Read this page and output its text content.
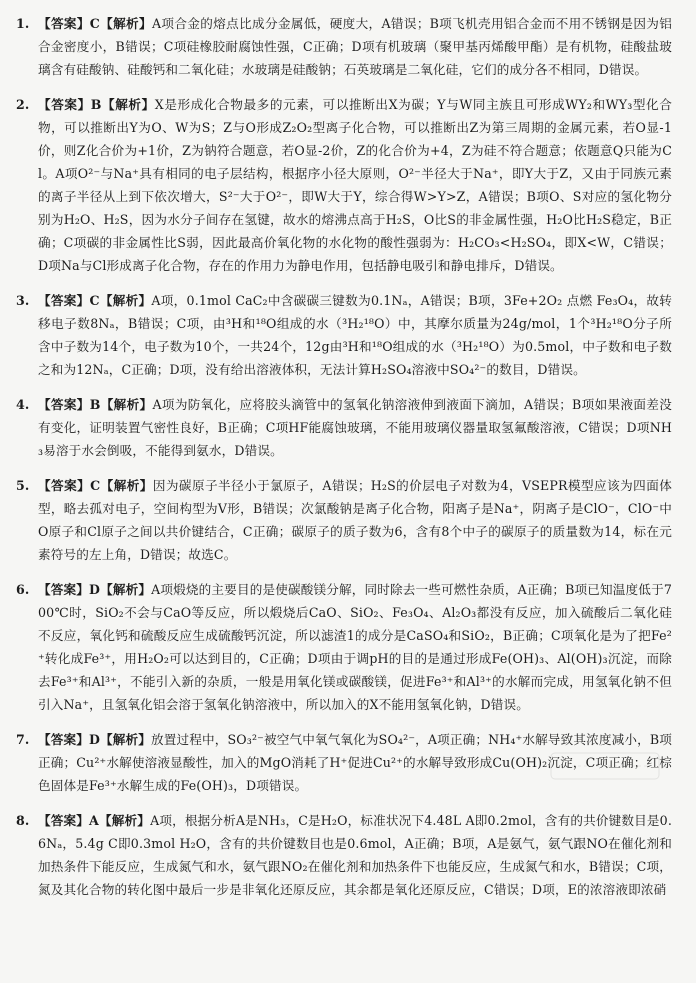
1. 【答案】C【解析】A项合金的熔点比成分金属低，硬度大，A错误；B项飞机壳用铝合金而不用不锈钢是因为铝合金密度小，B错误；C项硅橡胶耐腐蚀性强，C正确；D项有机玻璃（聚甲基丙烯酸甲酯）是有机物，硅酸盐玻璃含有硅酸钠、硅酸钙和二氧化硅；水玻璃是硅酸钠；石英玻璃是二氧化硅，它们的成分各不相同，D错误。
2. 【答案】B【解析】X是形成化合物最多的元素，可以推断出X为碳；Y与W同主族且可形成WY₂和WY₃型化合物，可以推断出Y为O、W为S；Z与O形成Z₂O₂型离子化合物，可以推断出Z为第三周期的金属元素，若O显-1价，则Z化合价为+1价，Z为钠符合题意，若O显-2价，Z的化合价为+4，Z为硅不符合题意；依题意Q只能为Cl。A项O²⁻与Na⁺具有相同的电子层结构，根据序小径大原则，O²⁻半径大于Na⁺，即Y大于Z，又由于同族元素的离子半径从上到下依次增大，S²⁻大于O²⁻，即W大于Y，综合得W>Y>Z，A错误；B项O、S对应的氢化物分别为H₂O、H₂S，因为水分子间存在氢键，故水的熔沸点高于H₂S，O比S的非金属性强，H₂O比H₂S稳定，B正确；C项碳的非金属性比S弱，因此最高价氧化物的水化物的酸性强弱为：H₂CO₃<H₂SO₄，即X<W，C错误；D项Na与Cl形成离子化合物，存在的作用力为静电作用，包括静电吸引和静电排斥，D错误。
3. 【答案】C【解析】A项，0.1mol CaC₂中含碳碳三键数为0.1Nₐ，A错误；B项，3Fe+2O₂ 点燃 Fe₃O₄，故转移电子数8Nₐ，B错误；C项，由³H和¹⁸O组成的水（³H₂¹⁸O）中，其摩尔质量为24g/mol，1个³H₂¹⁸O分子所含中子数为14个，电子数为10个，一共24个，12g由³H和¹⁸O组成的水（³H₂¹⁸O）为0.5mol，中子数和电子数之和为12Nₐ，C正确；D项，没有给出溶液体积，无法计算H₂SO₄溶液中SO₄²⁻的数目，D错误。
4. 【答案】B【解析】A项为防氧化，应将胶头滴管中的氢氧化钠溶液伸到液面下滴加，A错误；B项如果液面差没有变化，证明装置气密性良好，B正确；C项HF能腐蚀玻璃，不能用玻璃仪器量取氢氟酸溶液，C错误；D项NH₃易溶于水会倒吸，不能得到氨水，D错误。
5. 【答案】C【解析】因为碳原子半径小于氯原子，A错误；H₂S的价层电子对数为4，VSEPR模型应该为四面体型，略去孤对电子，空间构型为V形，B错误；次氯酸钠是离子化合物，阳离子是Na⁺，阴离子是ClO⁻，ClO⁻中O原子和Cl原子之间以共价键结合，C正确；碳原子的质子数为6，含有8个中子的碳原子的质量数为14，标在元素符号的左上角，D错误；故选C。
6. 【答案】D【解析】A项煅烧的主要目的是使碳酸镁分解，同时除去一些可燃性杂质，A正确；B项已知温度低于700℃时，SiO₂不会与CaO等反应，所以煅烧后CaO、SiO₂、Fe₃O₄、Al₂O₃都没有反应，加入硫酸后二氧化硅不反应，氧化钙和硫酸反应生成硫酸钙沉淀，所以滤渣1的成分是CaSO₄和SiO₂，B正确；C项氧化是为了把Fe²⁺转化成Fe³⁺，用H₂O₂可以达到目的，C正确；D项由于调pH的目的是通过形成Fe(OH)₃、Al(OH)₃沉淀，而除去Fe³⁺和Al³⁺，不能引入新的杂质，一般是用氧化镁或碳酸镁，促进Fe³⁺和Al³⁺的水解而完成，用氢氧化钠不但引入Na⁺，且氢氧化铝会溶于氢氧化钠溶液中，所以加入的X不能用氢氧化钠，D错误。
7. 【答案】D【解析】放置过程中，SO₃²⁻被空气中氧气氧化为SO₄²⁻，A项正确；NH₄⁺水解导致其浓度减小，B项正确；Cu²⁺水解使溶液显酸性，加入的MgO消耗了H⁺促进Cu²⁺的水解导致形成Cu(OH)₂沉淀，C项正确；红棕色固体是Fe³⁺水解生成的Fe(OH)₃，D项错误。
8. 【答案】A【解析】A项，根据分析A是NH₃，C是H₂O，标准状况下4.48L A即0.2mol，含有的共价键数目是0.6Nₐ，5.4g C即0.3mol H₂O，含有的共价键数目也是0.6mol，A正确；B项，A是氨气，氨气跟NO在催化剂和加热条件下能反应，生成氮气和水，氨气跟NO₂在催化剂和加热条件下也能反应，生成氮气和水，B错误；C项，氮及其化合物的转化图中最后一步是非氧化还原反应，其余都是氧化还原反应，C错误；D项，E的浓溶液即浓硝
